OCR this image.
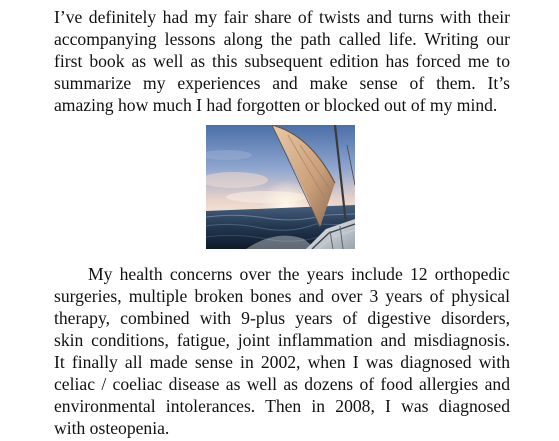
I’ve definitely had my fair share of twists and turns with their
accompanying lessons along the path called life. Writing our
first book as well as this subsequent edition has forced me to
summarize my experiences and make sense of them. It’s
amazing how much I had forgotten or blocked out of my mind.

My health concerns over the years include 12 orthopedic
surgeries, multiple broken bones and over 3 years of physical
therapy, combined with 9-plus years of digestive disorders,
skin conditions, fatigue, joint inflammation and misdiagnosis.
It finally all made sense in 2002, when I was diagnosed with
celiac / coeliac disease as well as dozens of food allergies and
environmental intolerances. Then in 2008, I was diagnosed
with osteopenia.
